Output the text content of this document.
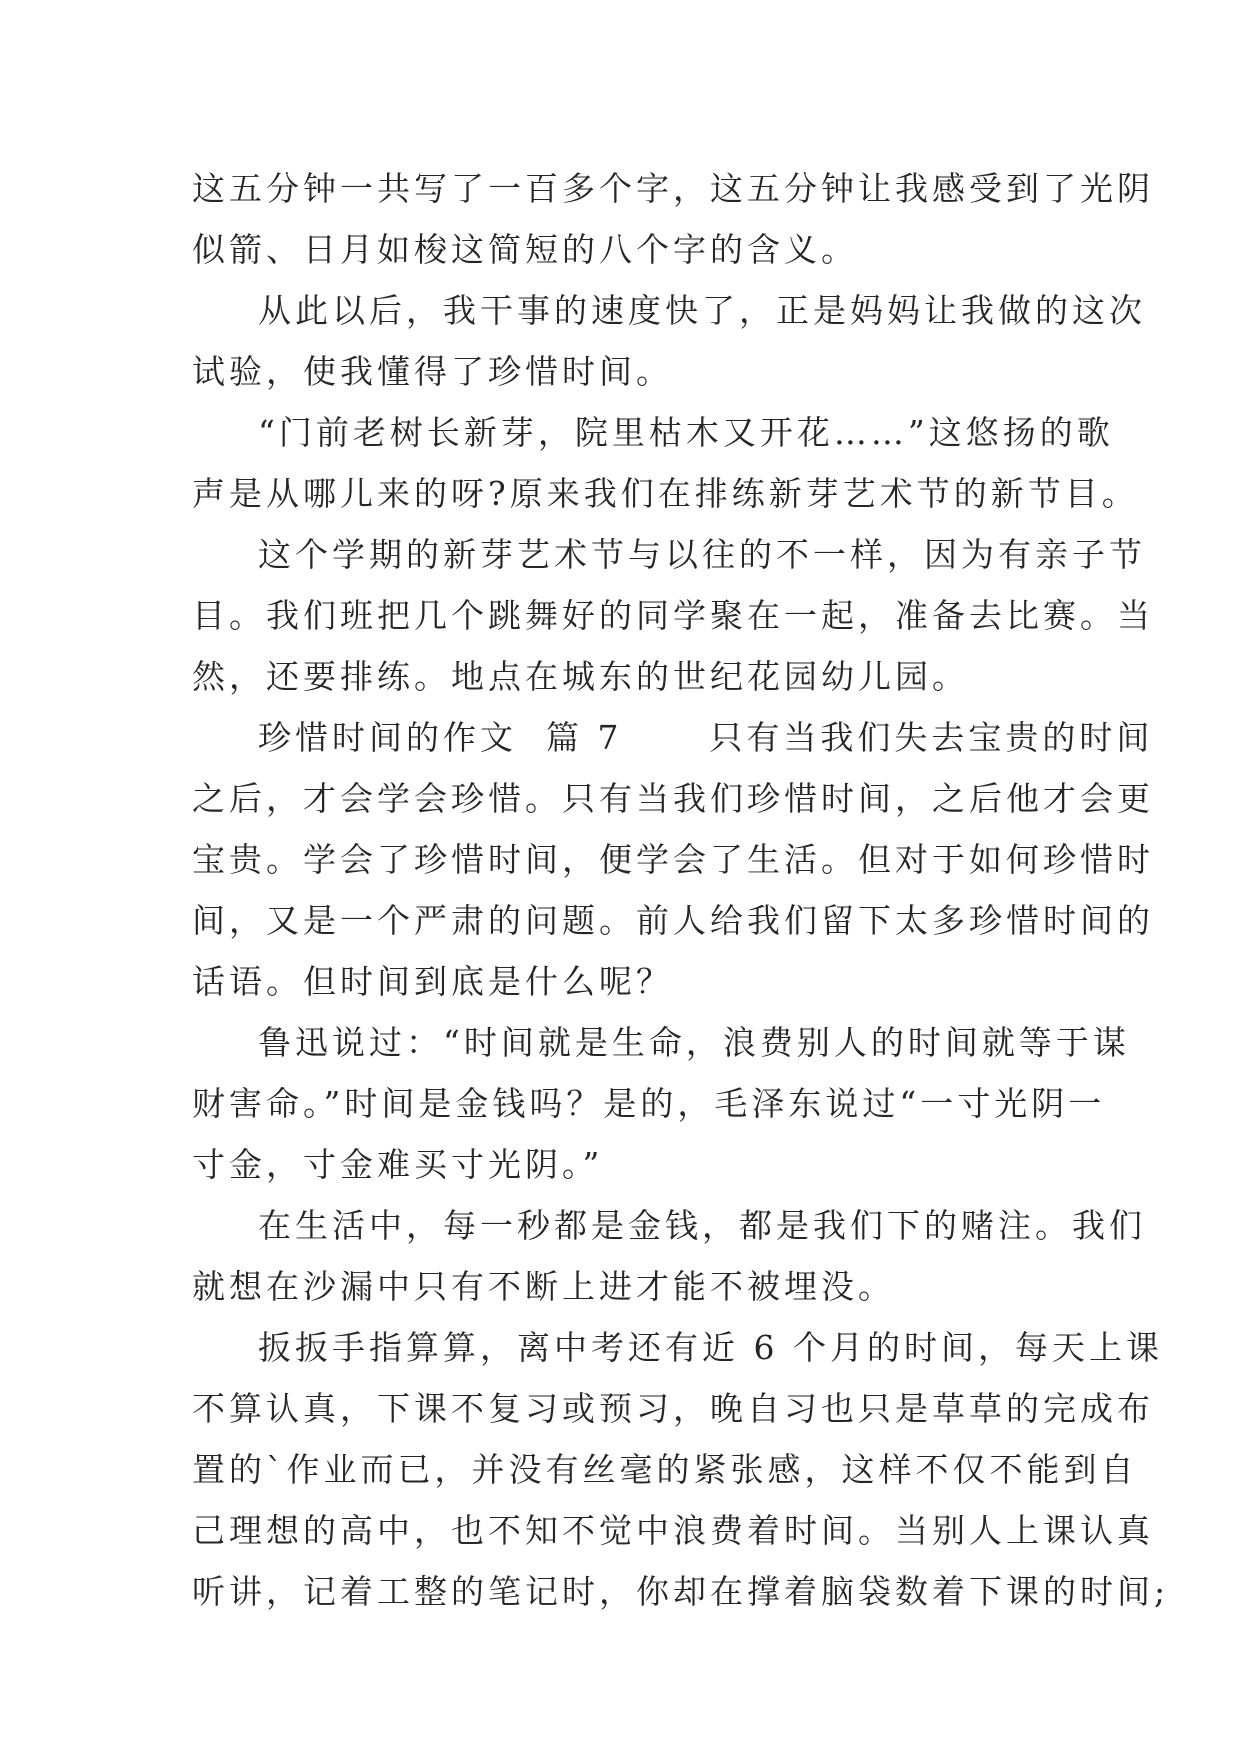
这五分钟一共写了一百多个字，这五分钟让我感受到了光阴
似箭、日月如梭这简短的八个字的含义。
从此以后，我干事的速度快了，正是妈妈让我做的这次
试验，使我懂得了珍惜时间。
“门前老树长新芽，院里枯木又开花……”这悠扬的歌
声是从哪儿来的呀?原来我们在排练新芽艺术节的新节目。
这个学期的新芽艺术节与以往的不一样，因为有亲子节
目。我们班把几个跳舞好的同学聚在一起，准备去比赛。当
然，还要排练。地点在城东的世纪花园幼儿园。
珍惜时间的作文  篇 7      只有当我们失去宝贵的时间
之后，才会学会珍惜。只有当我们珍惜时间，之后他才会更
宝贵。学会了珍惜时间，便学会了生活。但对于如何珍惜时
间，又是一个严肃的问题。前人给我们留下太多珍惜时间的
话语。但时间到底是什么呢？
鲁迅说过：“时间就是生命，浪费别人的时间就等于谋
财害命。”时间是金钱吗？是的，毛泽东说过“一寸光阴一
寸金，寸金难买寸光阴。”
在生活中，每一秒都是金钱，都是我们下的赌注。我们
就想在沙漏中只有不断上进才能不被埋没。
扳扳手指算算，离中考还有近 6 个月的时间，每天上课
不算认真，下课不复习或预习，晚自习也只是草草的完成布
置的`作业而已，并没有丝毫的紧张感，这样不仅不能到自
己理想的高中，也不知不觉中浪费着时间。当别人上课认真
听讲，记着工整的笔记时，你却在撑着脑袋数着下课的时间;
